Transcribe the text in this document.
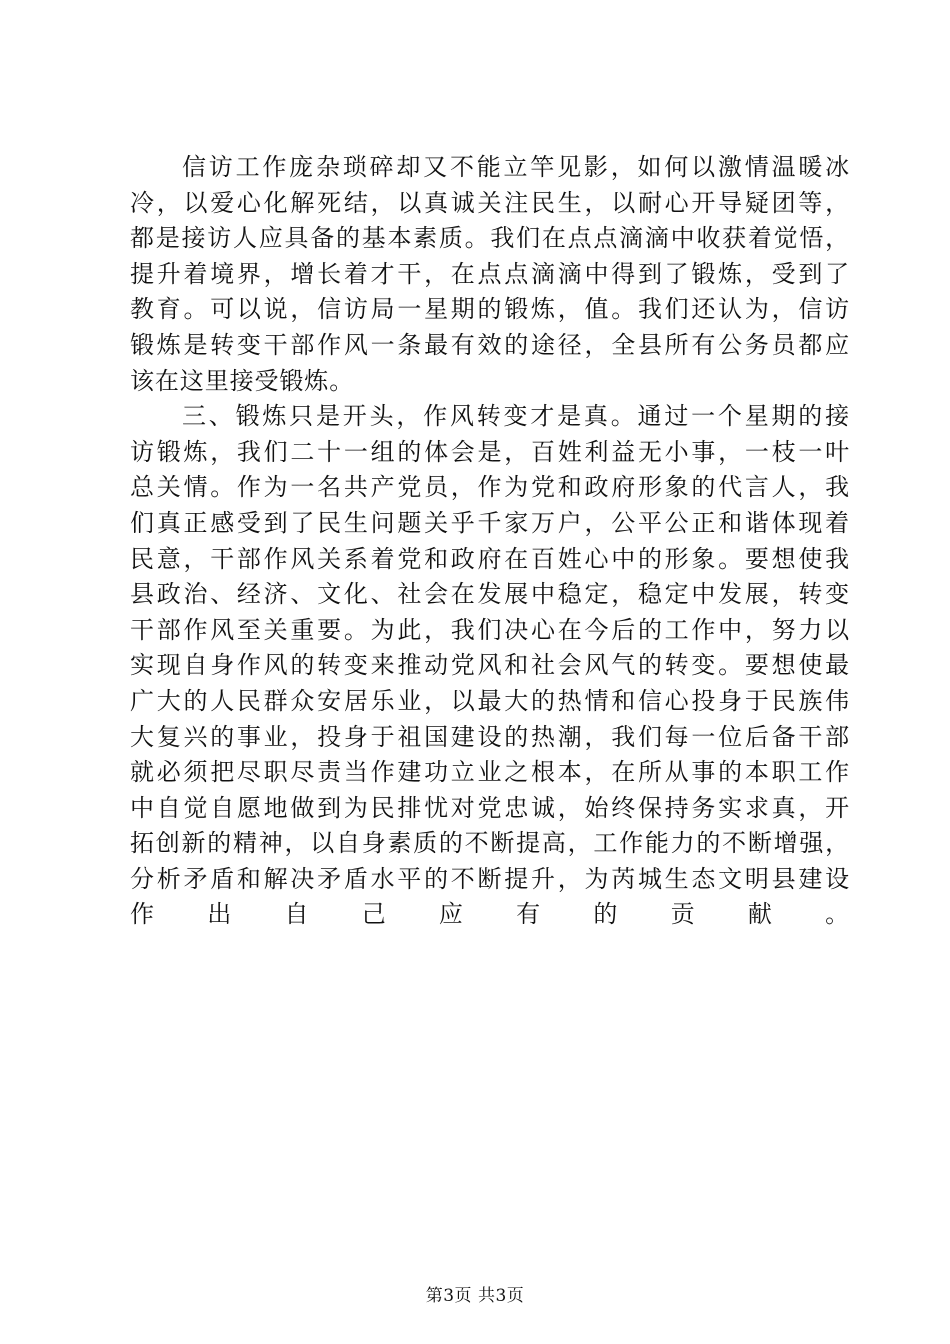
信访工作庞杂琐碎却又不能立竿见影，如何以激情温暖冰
冷，以爱心化解死结，以真诚关注民生，以耐心开导疑团等，
都是接访人应具备的基本素质。我们在点点滴滴中收获着觉悟，
提升着境界，增长着才干，在点点滴滴中得到了锻炼，受到了
教育。可以说，信访局一星期的锻炼，值。我们还认为，信访
锻炼是转变干部作风一条最有效的途径，全县所有公务员都应
该在这里接受锻炼。
三、锻炼只是开头，作风转变才是真。通过一个星期的接
访锻炼，我们二十一组的体会是，百姓利益无小事，一枝一叶
总关情。作为一名共产党员，作为党和政府形象的代言人，我
们真正感受到了民生问题关乎千家万户，公平公正和谐体现着
民意，干部作风关系着党和政府在百姓心中的形象。要想使我
县政治、经济、文化、社会在发展中稳定，稳定中发展，转变
干部作风至关重要。为此，我们决心在今后的工作中，努力以
实现自身作风的转变来推动党风和社会风气的转变。要想使最
广大的人民群众安居乐业，以最大的热情和信心投身于民族伟
大复兴的事业，投身于祖国建设的热潮，我们每一位后备干部
就必须把尽职尽责当作建功立业之根本，在所从事的本职工作
中自觉自愿地做到为民排忧对党忠诚，始终保持务实求真，开
拓创新的精神，以自身素质的不断提高，工作能力的不断增强，
分析矛盾和解决矛盾水平的不断提升，为芮城生态文明县建设
作出自己应有的贡献。
第3页 共3页
